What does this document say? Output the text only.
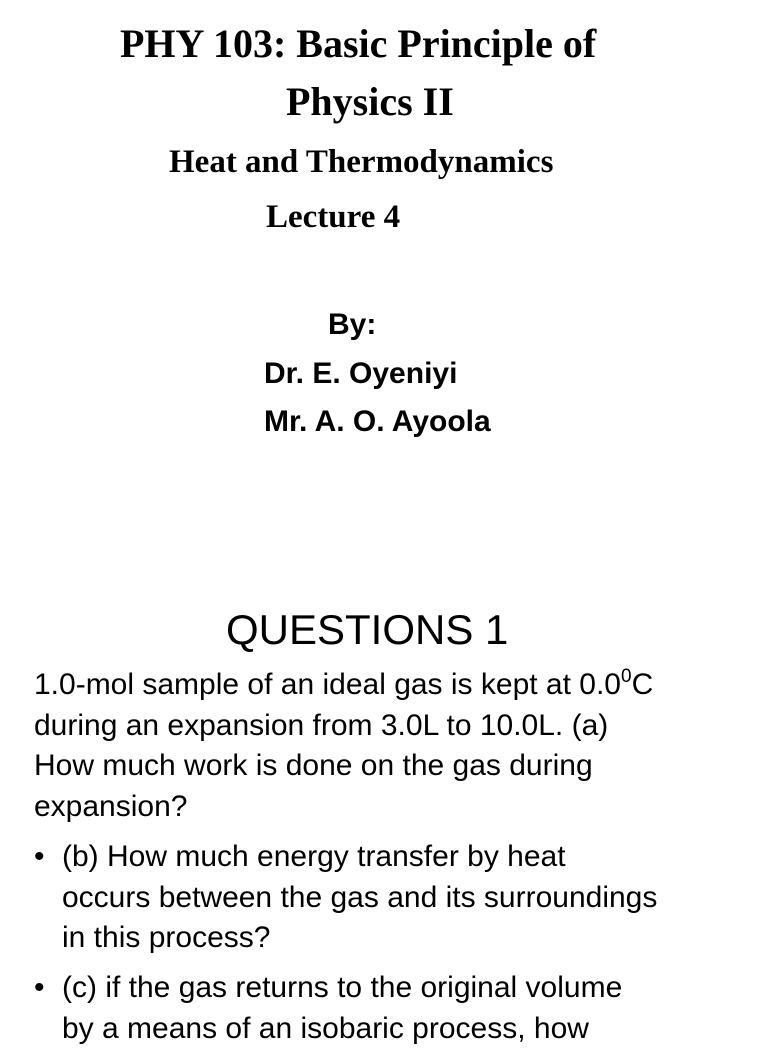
PHY 103: Basic Principle of
Physics II
Heat and Thermodynamics
Lecture 4
By:
Dr. E. Oyeniyi
Mr. A. O. Ayoola
QUESTIONS 1
1.0-mol sample of an ideal gas is kept at $0.0^0C$
during an expansion from 3.0L to 10.0L. (a)
How much work is done on the gas during
expansion?
• (b) How much energy transfer by heat
occurs between the gas and its surroundings
in this process?
• (c) if the gas returns to the original volume
by a means of an isobaric process, how
